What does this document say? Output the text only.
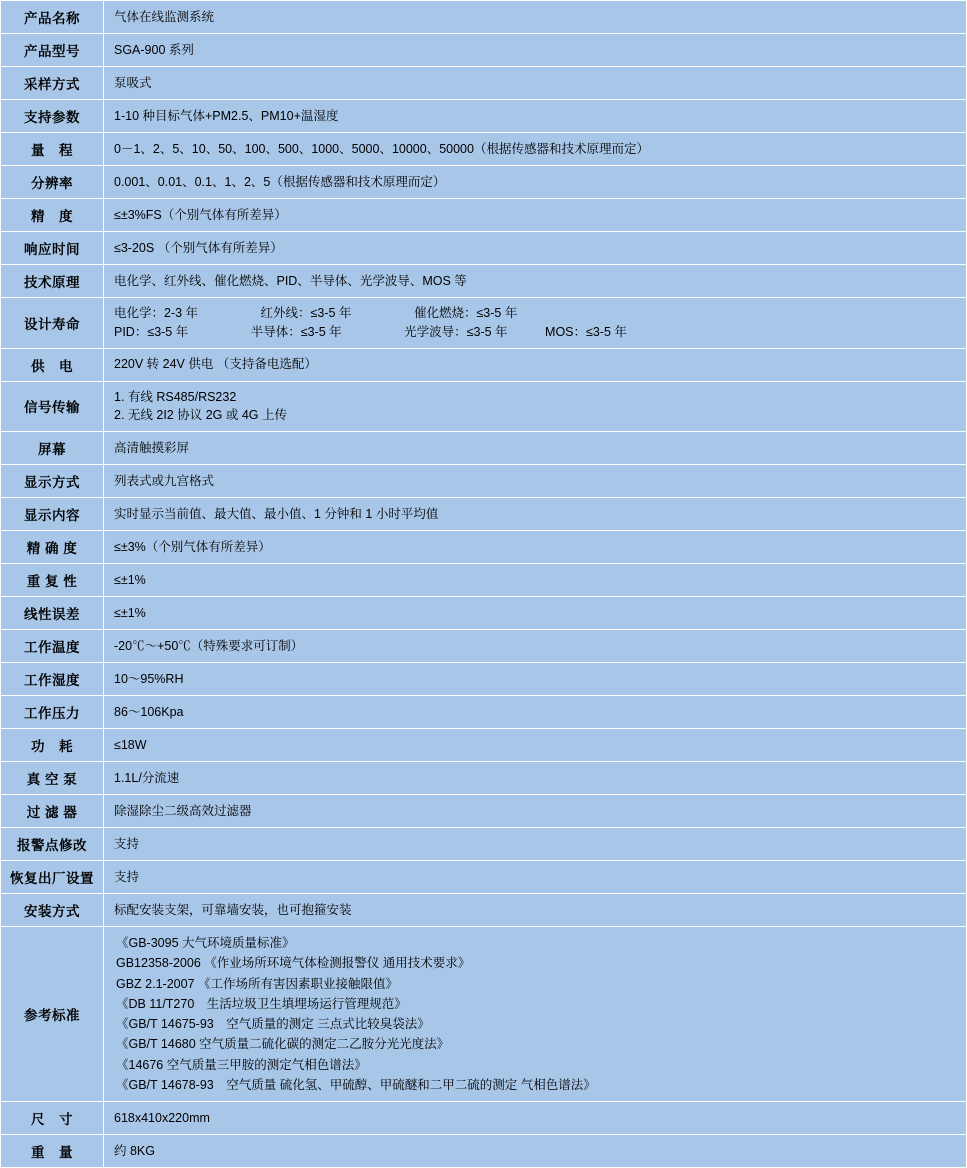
产品名称	气体在线监测系统

产品型号	SGA-900 系列

采样方式	泵吸式

支持参数	1-10 种目标气体+PM2.5、PM10+温湿度

量　程	0－1、2、5、10、50、100、500、1000、5000、10000、50000（根据传感器和技术原理而定）

分辨率	0.001、0.01、0.1、1、2、5（根据传感器和技术原理而定）

精　度	≤±3%FS（个别气体有所差异）

响应时间	≤3-20S （个别气体有所差异）

技术原理	电化学、红外线、催化燃烧、PID、半导体、光学波导、MOS 等

设计寿命	电化学：2-3 年　　　　　红外线：≤3-5 年　　　　　催化燃烧：≤3-5 年
PID：≤3-5 年　　　　　半导体：≤3-5 年　　　　　光学波导：≤3-5 年　　　MOS：≤3-5 年

供　电	220V 转 24V 供电 （支持备电选配）

信号传输	1. 有线 RS485/RS232
2. 无线 2I2 协议 2G 或 4G 上传

屏幕	高清触摸彩屏

显示方式	列表式或九宫格式

显示内容	实时显示当前值、最大值、最小值、1 分钟和 1 小时平均值

精 确 度	≤±3%（个别气体有所差异）

重 复 性	≤±1%

线性误差	≤±1%

工作温度	-20℃～+50℃（特殊要求可订制）

工作湿度	10～95%RH

工作压力	86～106Kpa

功　耗	≤18W

真 空 泵	1.1L/分流速

过 滤 器	除湿除尘二级高效过滤器

报警点修改	支持

恢复出厂设置	支持

安装方式	标配安装支架，可靠墙安装，也可抱箍安装

参考标准	
《GB-3095 大气环境质量标准》
GB12358-2006 《作业场所环境气体检测报警仪 通用技术要求》
GBZ 2.1-2007 《工作场所有害因素职业接触限值》
《DB 11/T270　生活垃圾卫生填埋场运行管理规范》
《GB/T 14675-93　空气质量的测定 三点式比较臭袋法》
《GB/T 14680 空气质量二硫化碳的测定二乙胺分光光度法》
《14676 空气质量三甲胺的测定气相色谱法》
《GB/T 14678-93　空气质量 硫化氢、甲硫醇、甲硫醚和二甲二硫的测定 气相色谱法》

尺　寸	618x410x220mm

重　量	约 8KG
